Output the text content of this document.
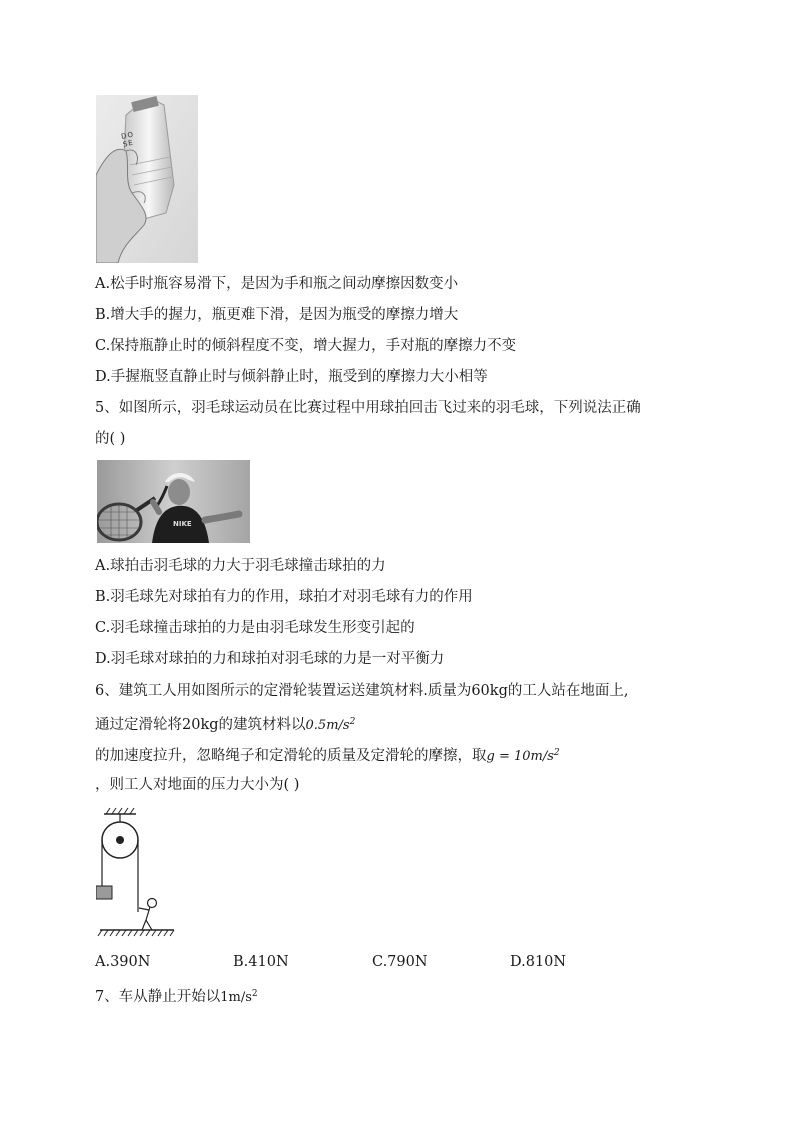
DOSE
A.松手时瓶容易滑下，是因为手和瓶之间动摩擦因数变小
B.增大手的握力，瓶更难下滑，是因为瓶受的摩擦力增大
C.保持瓶静止时的倾斜程度不变，增大握力，手对瓶的摩擦力不变
D.手握瓶竖直静止时与倾斜静止时，瓶受到的摩擦力大小相等
5、如图所示，羽毛球运动员在比赛过程中用球拍回击飞过来的羽毛球，下列说法正确
的( )
NIKE
A.球拍击羽毛球的力大于羽毛球撞击球拍的力
B.羽毛球先对球拍有力的作用，球拍才对羽毛球有力的作用
C.羽毛球撞击球拍的力是由羽毛球发生形变引起的
D.羽毛球对球拍的力和球拍对羽毛球的力是一对平衡力
6、建筑工人用如图所示的定滑轮装置运送建筑材料.质量为60kg的工人站在地面上,
通过定滑轮将20kg的建筑材料以$0.5m/s^2$
的加速度拉升，忽略绳子和定滑轮的质量及定滑轮的摩擦，取$g = 10m/s^2$
，则工人对地面的压力大小为( )
A.390N	B.410N	C.790N	D.810N
7、车从静止开始以$1m/s^2$
